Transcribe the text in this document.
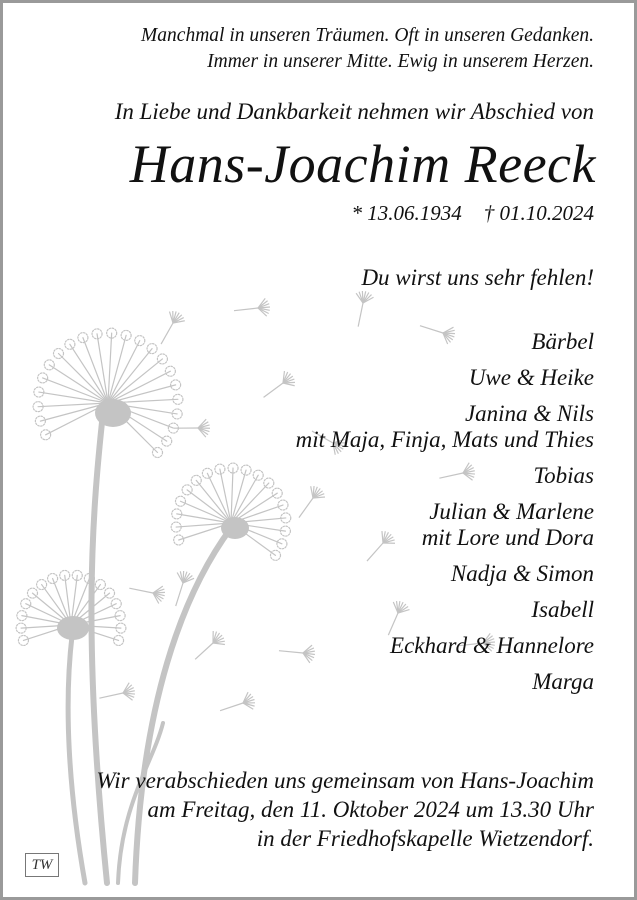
Manchmal in unseren Träumen. Oft in unseren Gedanken.
Immer in unserer Mitte. Ewig in unserem Herzen.
In Liebe und Dankbarkeit nehmen wir Abschied von
Hans-Joachim Reeck
* 13.06.1934 † 01.10.2024
Du wirst uns sehr fehlen!
Bärbel
Uwe & Heike
Janina & Nils
mit Maja, Finja, Mats und Thies
Tobias
Julian & Marlene
mit Lore und Dora
Nadja & Simon
Isabell
Eckhard & Hannelore
Marga
Wir verabschieden uns gemeinsam von Hans-Joachim
am Freitag, den 11. Oktober 2024 um 13.30 Uhr
in der Friedhofskapelle Wietzendorf.
TW
